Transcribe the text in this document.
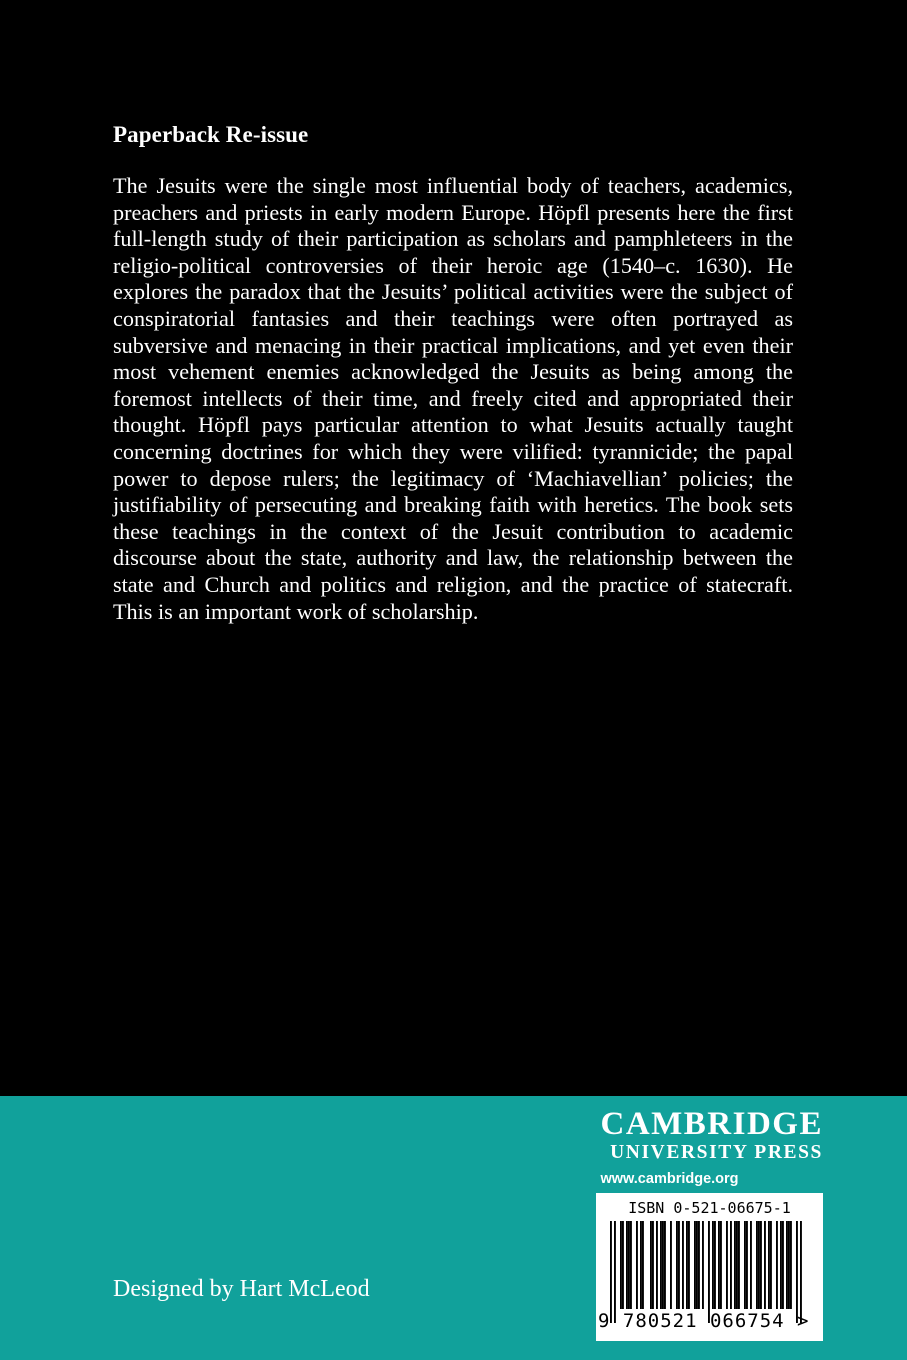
Paperback Re-issue
The Jesuits were the single most influential body of teachers, academics, preachers and priests in early modern Europe. Höpfl presents here the first full-length study of their participation as scholars and pamphleteers in the religio-political controversies of their heroic age (1540–c. 1630). He explores the paradox that the Jesuits’ political activities were the subject of conspiratorial fantasies and their teachings were often portrayed as subversive and menacing in their practical implications, and yet even their most vehement enemies acknowledged the Jesuits as being among the foremost intellects of their time, and freely cited and appropriated their thought. Höpfl pays particular attention to what Jesuits actually taught concerning doctrines for which they were vilified: tyrannicide; the papal power to depose rulers; the legitimacy of ‘Machiavellian’ policies; the justifiability of persecuting and breaking faith with heretics. The book sets these teachings in the context of the Jesuit contribution to academic discourse about the state, authority and law, the relationship between the state and Church and politics and religion, and the practice of statecraft. This is an important work of scholarship.
CAMBRIDGE
UNIVERSITY PRESS
www.cambridge.org
ISBN 0-521-06675-1
9 780521 066754 >
Designed by Hart McLeod
